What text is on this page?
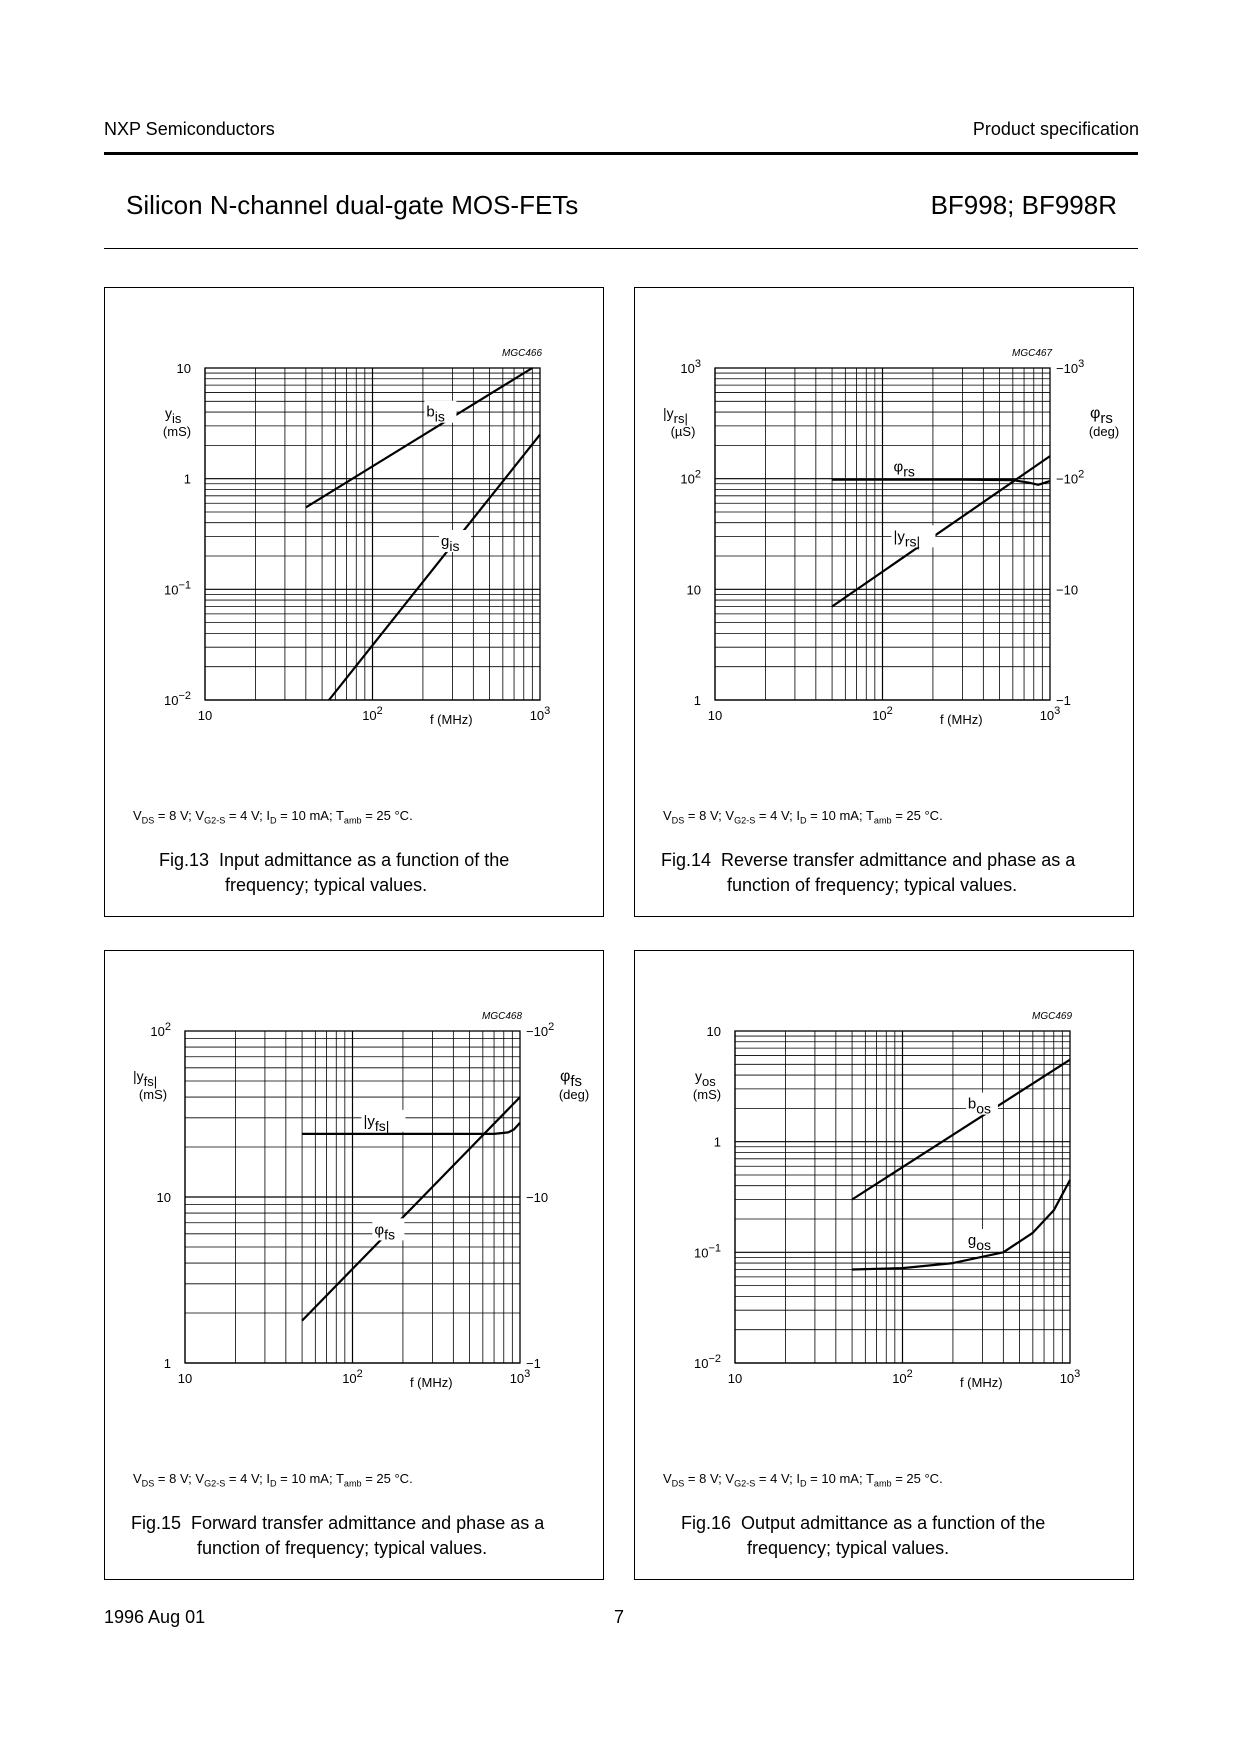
NXP Semiconductors	Product specification
Silicon N-channel dual-gate MOS-FETs	BF998; BF998R
MGC466
10
1
$10^{-1}$
$10^{-2}$
10	$10^2$	$10^3$
f (MHz)
yis
(mS)
bis
gis
$V_{DS} = 8$ V; $V_{G2-S} = 4$ V; $I_D = 10$ mA; $T_{amb} = 25$ °C.
Fig.13 Input admittance as a function of the
frequency; typical values.
MGC467
$10^3$
$10^2$
10
1
$-10^3$
$-10^2$
−10
−1
10	$10^2$	$10^3$
f (MHz)
|yrs|
(µS)
φrs
(deg)
φrs
|yrs|
$V_{DS} = 8$ V; $V_{G2-S} = 4$ V; $I_D = 10$ mA; $T_{amb} = 25$ °C.
Fig.14 Reverse transfer admittance and phase as a
function of frequency; typical values.
MGC468
$10^2$
10
1
$-10^2$
−10
−1
10	$10^2$	$10^3$
f (MHz)
|yfs|
(mS)
φfs
(deg)
|yfs|
φfs
$V_{DS} = 8$ V; $V_{G2-S} = 4$ V; $I_D = 10$ mA; $T_{amb} = 25$ °C.
Fig.15 Forward transfer admittance and phase as a
function of frequency; typical values.
MGC469
10
1
$10^{-1}$
$10^{-2}$
10	$10^2$	$10^3$
f (MHz)
yos
(mS)
bos
gos
$V_{DS} = 8$ V; $V_{G2-S} = 4$ V; $I_D = 10$ mA; $T_{amb} = 25$ °C.
Fig.16 Output admittance as a function of the
frequency; typical values.
1996 Aug 01	7
